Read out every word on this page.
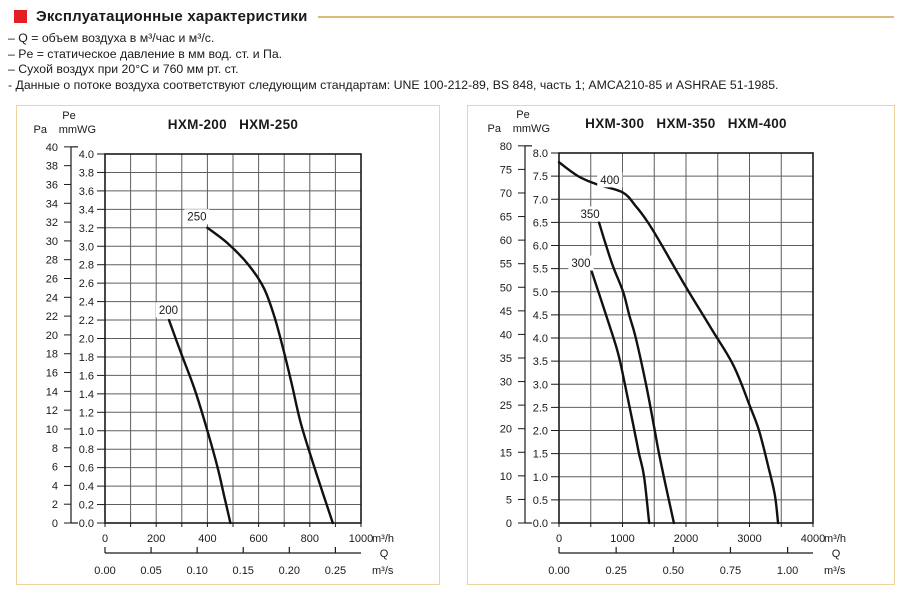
Эксплуатационные характеристики
– Q = объем воздуха в м³/час и м³/с.
– Pe = статическое давление в мм вод. ст. и Па.
– Сухой воздух при 20°C и 760 мм рт. ст.
- Данные о потоке воздуха соответствуют следующим стандартам: UNE 100-212-89, BS 848, часть 1; AMCA210-85 и ASHRAE 51-1985.
0	200	400	600	800	1000
m³/h
0.0
0.2
0.4
0.6
0.8
1.0
1.2
1.4
1.6
1.8
2.0
2.2
2.4
2.6
2.8
3.0
3.2
3.4
3.6
3.8
4.0
0
2
4
6
8
10
12
14
16
18
20
22
24
26
28
30
32
34
36
38
40
Pe
Pa mmWG	HXM-200   HXM-250
0.00 0.05 0.10 0.15 0.20 0.25
Q
m³/s
200
250
0	1000	2000	3000	4000
m³/h
0.0
0.5
1.0
1.5
2.0
2.5
3.0
3.5
4.0
4.5
5.0
5.5
6.0
6.5
7.0
7.5
8.0
0
5
10
15
20
25
30
35
40
45
50
55
60
65
70
75
80
Pe
Pa mmWG	HXM-300   HXM-350   HXM-400
0.00	0.25	0.50	0.75	1.00
Q
m³/s
300
350
400
